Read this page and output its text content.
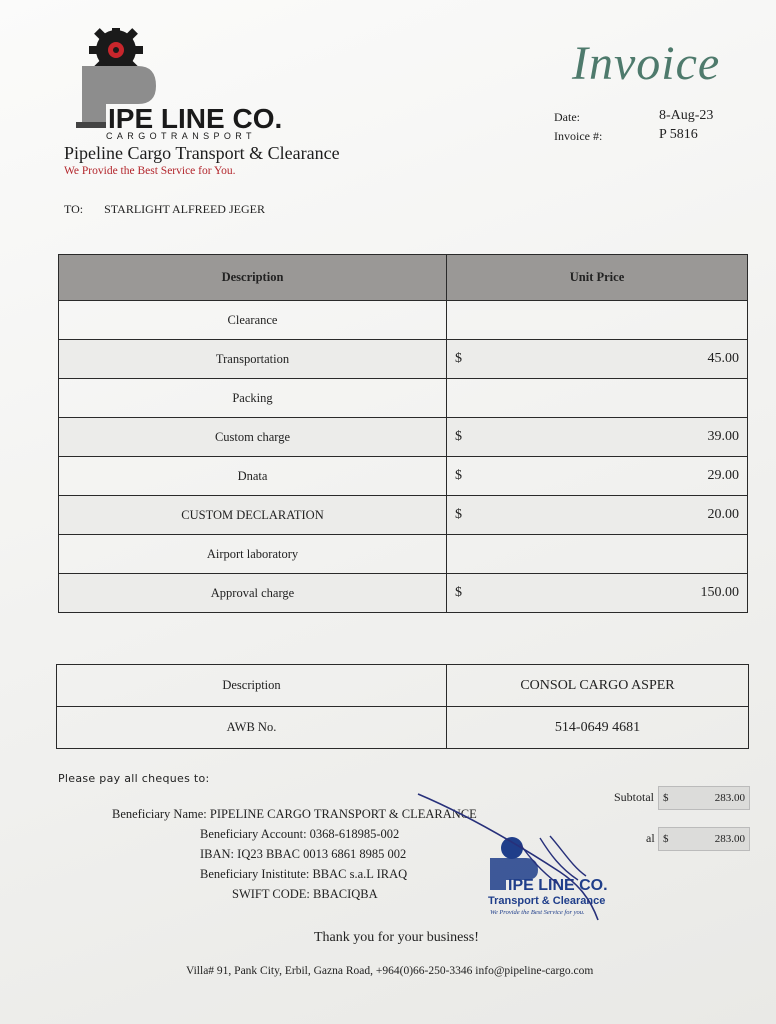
IPE LINE CO.
CARGOTRANSPORT
Pipeline Cargo Transport & Clearance
We Provide the Best Service for You.
Invoice
Date:	8-Aug-23
Invoice #:	P 5816
TO: STARLIGHT ALFREED JEGER
Description	Unit Price
Clearance	

Transportation	$ 45.00

Packing	

Custom charge	$ 39.00

Dnata	$ 29.00

CUSTOM DECLARATION	$ 20.00

Airport laboratory	

Approval charge	$ 150.00
Description	CONSOL CARGO ASPER
AWB No.	514-0649 4681
Please pay all cheques to:
Beneficiary Name: PIPELINE CARGO TRANSPORT & CLEARANCE
Beneficiary Account: 0368-618985-002
IBAN: IQ23 BBAC 0013 6861 8985 002
Beneficiary Inistitute: BBAC s.a.L IRAQ
SWIFT CODE: BBACIQBA
Subtotal $	283.00
al $	283.00
IPE LINE CO.
Transport & Clearance
We Provide the Best Service for you.
Thank you for your business!
Villa# 91, Pank City, Erbil, Gazna Road, +964(0)66-250-3346 info@pipeline-cargo.com
